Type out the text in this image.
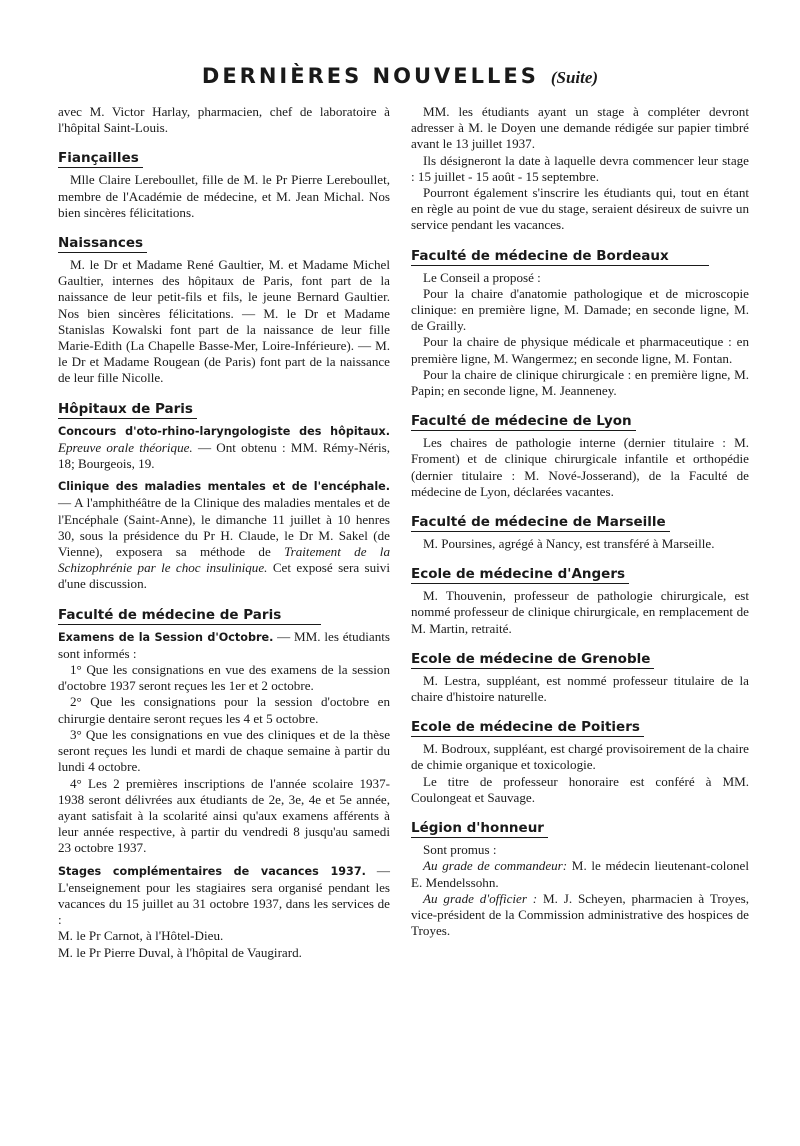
DERNIÈRES NOUVELLES (Suite)

avec M. Victor Harlay, pharmacien, chef de laboratoire à l'hôpital Saint-Louis.

Fiançailles

Mlle Claire Lereboullet, fille de M. le Pr Pierre Lereboullet, membre de l'Académie de médecine, et M. Jean Michal. Nos bien sincères félicitations.

Naissances

M. le Dr et Madame René Gaultier, M. et Madame Michel Gaultier, internes des hôpitaux de Paris, font part de la naissance de leur petit-fils et fils, le jeune Bernard Gaultier. Nos bien sincères félicitations. — M. le Dr et Madame Stanislas Kowalski font part de la naissance de leur fille Marie-Edith (La Chapelle Basse-Mer, Loire-Inférieure). — M. le Dr et Madame Rougean (de Paris) font part de la naissance de leur fille Nicolle.

Hôpitaux de Paris

Concours d'oto-rhino-laryngologiste des hôpitaux. Epreuve orale théorique. — Ont obtenu : MM. Rémy-Néris, 18; Bourgeois, 19.

Clinique des maladies mentales et de l'encéphale. — A l'amphithéâtre de la Clinique des maladies mentales et de l'Encéphale (Saint-Anne), le dimanche 11 juillet à 10 henres 30, sous la présidence du Pr H. Claude, le Dr M. Sakel (de Vienne), exposera sa méthode de Traitement de la Schizophrénie par le choc insulinique. Cet exposé sera suivi d'une discussion.

Faculté de médecine de Paris

Examens de la Session d'Octobre. — MM. les étudiants sont informés :

1° Que les consignations en vue des examens de la session d'octobre 1937 seront reçues les 1er et 2 octobre.

2° Que les consignations pour la session d'octobre en chirurgie dentaire seront reçues les 4 et 5 octobre.

3° Que les consignations en vue des cliniques et de la thèse seront reçues les lundi et mardi de chaque semaine à partir du lundi 4 octobre.

4° Les 2 premières inscriptions de l'année scolaire 1937-1938 seront délivrées aux étudiants de 2e, 3e, 4e et 5e année, ayant satisfait à la scolarité ainsi qu'aux examens afférents à leur année respective, à partir du vendredi 8 jusqu'au samedi 23 octobre 1937.

Stages complémentaires de vacances 1937. — L'enseignement pour les stagiaires sera organisé pendant les vacances du 15 juillet au 31 octobre 1937, dans les services de :

M. le Pr Carnot, à l'Hôtel-Dieu.

M. le Pr Pierre Duval, à l'hôpital de Vaugirard.

MM. les étudiants ayant un stage à compléter devront adresser à M. le Doyen une demande rédigée sur papier timbré avant le 13 juillet 1937.

Ils désigneront la date à laquelle devra commencer leur stage : 15 juillet - 15 août - 15 septembre.

Pourront également s'inscrire les étudiants qui, tout en étant en règle au point de vue du stage, seraient désireux de suivre un service pendant les vacances.

Faculté de médecine de Bordeaux

Le Conseil a proposé :

Pour la chaire d'anatomie pathologique et de microscopie clinique: en première ligne, M. Damade; en seconde ligne, M. de Grailly.

Pour la chaire de physique médicale et pharmaceutique : en première ligne, M. Wangermez; en seconde ligne, M. Fontan.

Pour la chaire de clinique chirurgicale : en première ligne, M. Papin; en seconde ligne, M. Jeanneney.

Faculté de médecine de Lyon

Les chaires de pathologie interne (dernier titulaire : M. Froment) et de clinique chirurgicale infantile et orthopédie (dernier titulaire : M. Nové-Josserand), de la Faculté de médecine de Lyon, déclarées vacantes.

Faculté de médecine de Marseille

M. Poursines, agrégé à Nancy, est transféré à Marseille.

Ecole de médecine d'Angers

M. Thouvenin, professeur de pathologie chirurgicale, est nommé professeur de clinique chirurgicale, en remplacement de M. Martin, retraité.

Ecole de médecine de Grenoble

M. Lestra, suppléant, est nommé professeur titulaire de la chaire d'histoire naturelle.

Ecole de médecine de Poitiers

M. Bodroux, suppléant, est chargé provisoirement de la chaire de chimie organique et toxicologie.

Le titre de professeur honoraire est conféré à MM. Coulongeat et Sauvage.

Légion d'honneur

Sont promus :

Au grade de commandeur: M. le médecin lieutenant-colonel E. Mendelssohn.

Au grade d'officier : M. J. Scheyen, pharmacien à Troyes, vice-président de la Commission administrative des hospices de Troyes.
